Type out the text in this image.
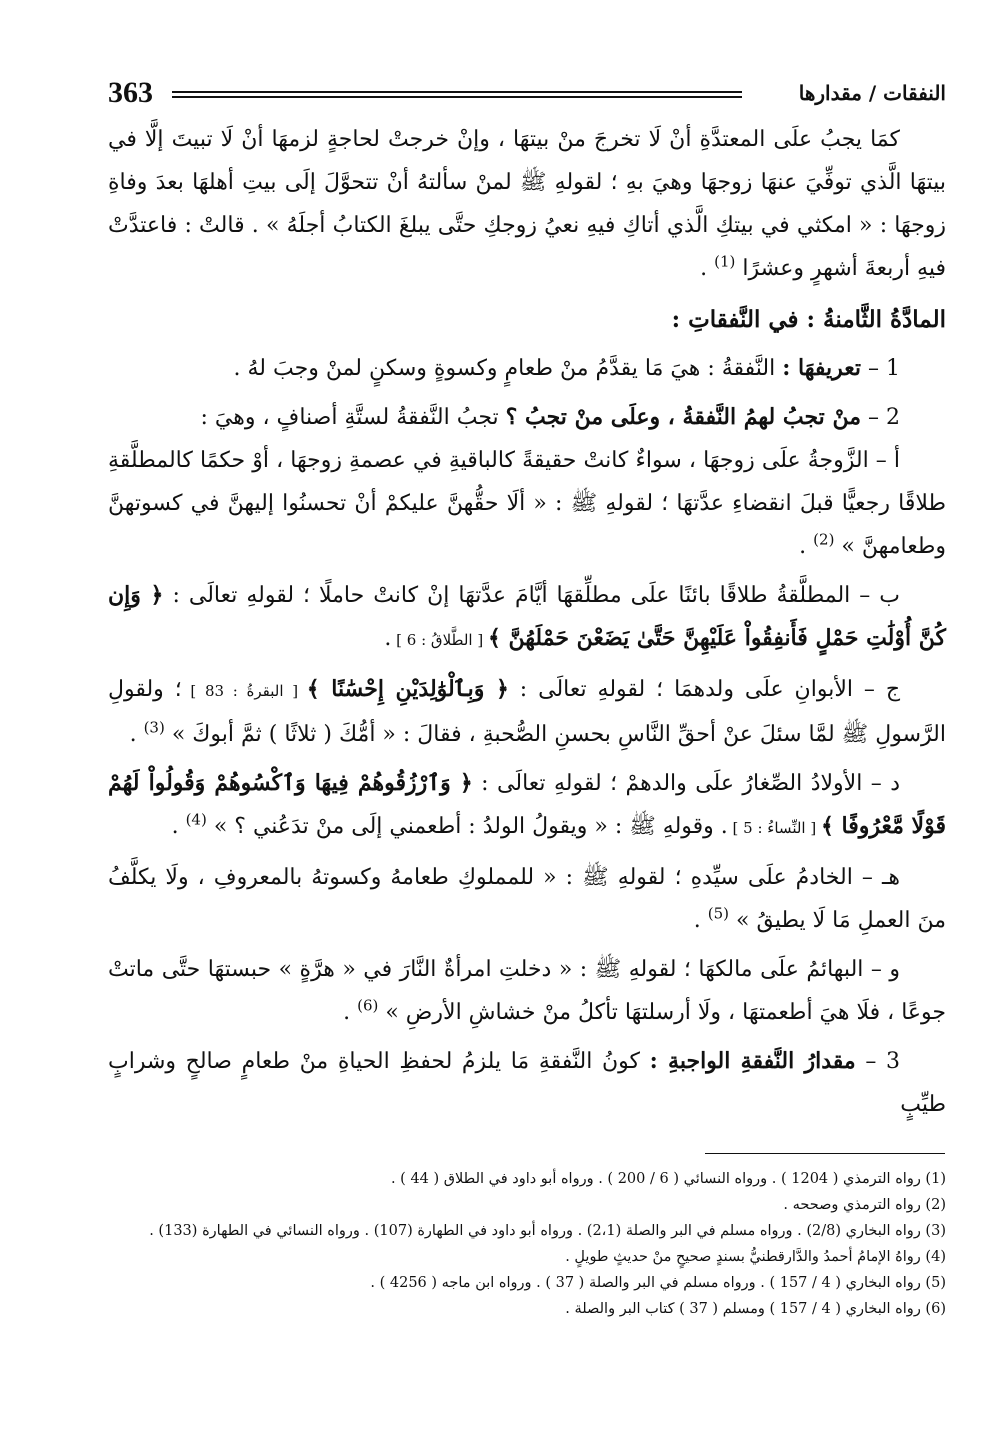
363	النفقات / مقدارها

كمَا يجبُ علَى المعتدَّةِ أنْ لَا تخرجَ منْ بيتهَا ، وإنْ خرجتْ لحاجةٍ لزمهَا أنْ لَا تبيتَ إلَّا في بيتهَا الَّذي توفِّيَ عنهَا زوجهَا وهيَ بهِ ؛ لقولهِ ﷺ لمنْ سألتهُ أنْ تتحوَّلَ إلَى بيتِ أهلهَا بعدَ وفاةِ زوجهَا : « امكثي في بيتكِ الَّذي أتاكِ فيهِ نعيُ زوجكِ حتَّى يبلغَ الكتابُ أجلَهُ » . قالتْ : فاعتدَّتْ فيهِ أربعةَ أشهرٍ وعشرًا $^{(1)}$ .

المادَّةُ الثَّامنةُ : في النَّفقاتِ :

1 – تعريفهَا : النَّفقةُ : هيَ مَا يقدَّمُ منْ طعامٍ وكسوةٍ وسكنٍ لمنْ وجبَ لهُ .

2 – منْ تجبُ لهمُ النَّفقةُ ، وعلَى منْ تجبُ ؟ تجبُ النَّفقةُ لستَّةِ أصنافٍ ، وهيَ :

أ – الزَّوجةُ علَى زوجهَا ، سواءٌ كانتْ حقيقةً كالباقيةِ في عصمةِ زوجهَا ، أوْ حكمًا كالمطلَّقةِ طلاقًا رجعيًّا قبلَ انقضاءِ عدَّتهَا ؛ لقولهِ ﷺ : « ألَا حقُّهنَّ عليكمْ أنْ تحسنُوا إليهنَّ في كسوتهنَّ وطعامهنَّ » $^{(2)}$ .

ب – المطلَّقةُ طلاقًا بائنًا علَى مطلِّقهَا أيَّامَ عدَّتهَا إنْ كانتْ حاملًا ؛ لقولهِ تعالَى : ﴿ وَإِن كُنَّ أُوْلَٰتِ حَمْلٍ فَأَنفِقُواْ عَلَيْهِنَّ حَتَّىٰ يَضَعْنَ حَمْلَهُنَّ ﴾ [ الطَّلاقُ : 6 ] .

ج – الأبوانِ علَى ولدهمَا ؛ لقولهِ تعالَى : ﴿ وَبِٱلْوَٰلِدَيْنِ إِحْسَٰنًا ﴾ [ البقرةُ : 83 ] ؛ ولقولِ الرَّسولِ ﷺ لمَّا سئلَ عنْ أحقِّ النَّاسِ بحسنِ الصُّحبةِ ، فقالَ : « أمُّكَ ( ثلاثًا ) ثمَّ أبوكَ » $^{(3)}$ .

د – الأولادُ الصِّغارُ علَى والدهمْ ؛ لقولهِ تعالَى : ﴿ وَٱرْزُقُوهُمْ فِيهَا وَٱكْسُوهُمْ وَقُولُواْ لَهُمْ قَوْلًا مَّعْرُوفًا ﴾ [ النِّساءُ : 5 ] . وقولهِ ﷺ : « ويقولُ الولدُ : أطعمني إلَى منْ تدَعُني ؟ » $^{(4)}$ .

هـ – الخادمُ علَى سيِّدهِ ؛ لقولهِ ﷺ : « للمملوكِ طعامهُ وكسوتهُ بالمعروفِ ، ولَا يكلَّفُ منَ العملِ مَا لَا يطيقُ » $^{(5)}$ .

و – البهائمُ علَى مالكهَا ؛ لقولهِ ﷺ : « دخلتِ امرأةٌ النَّارَ في « هرَّةٍ » حبستهَا حتَّى ماتتْ جوعًا ، فلَا هيَ أطعمتهَا ، ولَا أرسلتهَا تأكلُ منْ خشاشِ الأرضِ » $^{(6)}$ .

3 – مقدارُ النَّفقةِ الواجبةِ : كونُ النَّفقةِ مَا يلزمُ لحفظِ الحياةِ منْ طعامٍ صالحٍ وشرابٍ طيِّبٍ

(1) رواه الترمذي ( 1204 ) . ورواه النسائي ( 6 / 200 ) . ورواه أبو داود في الطلاق ( 44 ) .

(2) رواه الترمذي وصححه .

(3) رواه البخاري (2/8) . ورواه مسلم في البر والصلة (2،1) . ورواه أبو داود في الطهارة (107) . ورواه النسائي في الطهارة (133) .

(4) رواهُ الإمامُ أحمدُ والدَّارقطنيُّ بسندٍ صحيحٍ منْ حديثٍ طويلٍ .

(5) رواه البخاري ( 4 / 157 ) . ورواه مسلم في البر والصلة ( 37 ) . ورواه ابن ماجه ( 4256 ) .

(6) رواه البخاري ( 4 / 157 ) ومسلم ( 37 ) كتاب البر والصلة .
